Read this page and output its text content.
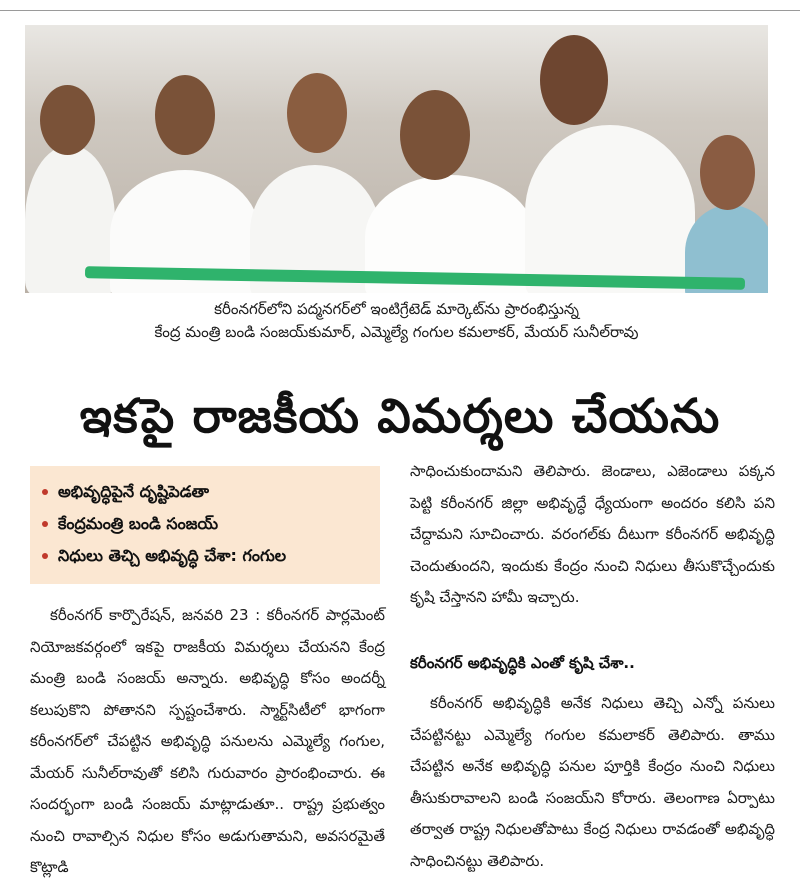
కరీంనగర్‌లోని పద్మనగర్‌లో ఇంటిగ్రేటెడ్ మార్కెట్‌ను ప్రారంభిస్తున్న
కేంద్ర మంత్రి బండి సంజయ్‌కుమార్, ఎమ్మెల్యే గంగుల కమలాకర్, మేయర్ సునీల్‌రావు
ఇకపై రాజకీయ విమర్శలు చేయను
అభివృద్ధిపైనే దృష్టిపెడతా
కేంద్రమంత్రి బండి సంజయ్
నిధులు తెచ్చి అభివృద్ధి చేశా: గంగుల

కరీంనగర్ కార్పొరేషన్, జనవరి 23 : కరీంనగర్ పార్లమెంట్ నియోజకవర్గంలో ఇకపై రాజకీయ విమర్శలు చేయనని కేంద్ర మంత్రి బండి సంజయ్ అన్నారు. అభివృద్ధి కోసం అందర్నీ కలుపుకొని పోతానని స్పష్టంచేశారు. స్మార్ట్‌సిటీలో భాగంగా కరీంనగర్‌లో చేపట్టిన అభివృద్ధి పనులను ఎమ్మెల్యే గంగుల, మేయర్ సునీల్‌రావుతో కలిసి గురువారం ప్రారంభించారు. ఈ సందర్భంగా బండి సంజయ్ మాట్లాడుతూ.. రాష్ట్ర ప్రభుత్వం నుంచి రావాల్సిన నిధుల కోసం అడుగుతామని, అవసరమైతే కొట్లాడి

సాధించుకుందామని తెలిపారు. జెండాలు, ఎజెండాలు పక్కన పెట్టి కరీంనగర్ జిల్లా అభివృద్ధే ధ్యేయంగా అందరం కలిసి పని చేద్దామని సూచించారు. వరంగల్‌కు దీటుగా కరీంనగర్ అభివృద్ధి చెందుతుందని, ఇందుకు కేంద్రం నుంచి నిధులు తీసుకొచ్చేందుకు కృషి చేస్తానని హామీ ఇచ్చారు.

కరీంనగర్ అభివృద్ధికి ఎంతో కృషి చేశా..

కరీంనగర్ అభివృద్ధికి అనేక నిధులు తెచ్చి ఎన్నో పనులు చేపట్టినట్టు ఎమ్మెల్యే గంగుల కమలాకర్ తెలిపారు. తాము చేపట్టిన అనేక అభివృద్ధి పనుల పూర్తికి కేంద్రం నుంచి నిధులు తీసుకురావాలని బండి సంజయ్‌ని కోరారు. తెలంగాణ ఏర్పాటు తర్వాత రాష్ట్ర నిధులతోపాటు కేంద్ర నిధులు రావడంతో అభివృద్ధి సాధించినట్టు తెలిపారు.
